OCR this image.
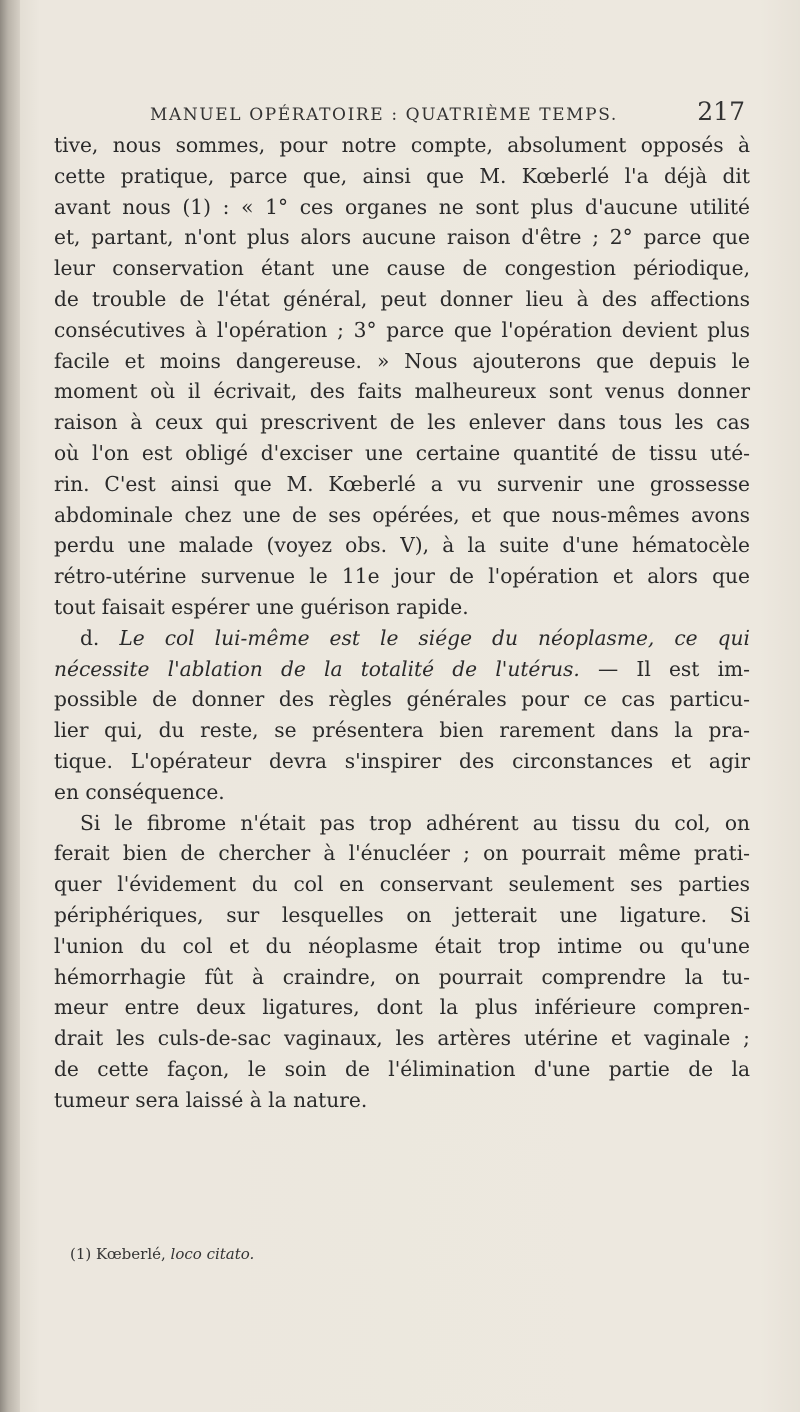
MANUEL OPÉRATOIRE : QUATRIÈME TEMPS.	217
tive, nous sommes, pour notre compte, absolument opposés à
cette pratique, parce que, ainsi que M. Kœberlé l'a déjà dit
avant nous (1) : « 1° ces organes ne sont plus d'aucune utilité
et, partant, n'ont plus alors aucune raison d'être ; 2° parce que
leur conservation étant une cause de congestion périodique,
de trouble de l'état général, peut donner lieu à des affections
consécutives à l'opération ; 3° parce que l'opération devient plus
facile et moins dangereuse. » Nous ajouterons que depuis le
moment où il écrivait, des faits malheureux sont venus donner
raison à ceux qui prescrivent de les enlever dans tous les cas
où l'on est obligé d'exciser une certaine quantité de tissu uté-
rin. C'est ainsi que M. Kœberlé a vu survenir une grossesse
abdominale chez une de ses opérées, et que nous-mêmes avons
perdu une malade (voyez obs. V), à la suite d'une hématocèle
rétro-utérine survenue le 11e jour de l'opération et alors que
tout faisait espérer une guérison rapide.
d. Le col lui-même est le siége du néoplasme, ce qui
nécessite l'ablation de la totalité de l'utérus. — Il est im-
possible de donner des règles générales pour ce cas particu-
lier qui, du reste, se présentera bien rarement dans la pra-
tique. L'opérateur devra s'inspirer des circonstances et agir
en conséquence.
Si le fibrome n'était pas trop adhérent au tissu du col, on
ferait bien de chercher à l'énucléer ; on pourrait même prati-
quer l'évidement du col en conservant seulement ses parties
périphériques, sur lesquelles on jetterait une ligature. Si
l'union du col et du néoplasme était trop intime ou qu'une
hémorrhagie fût à craindre, on pourrait comprendre la tu-
meur entre deux ligatures, dont la plus inférieure compren-
drait les culs-de-sac vaginaux, les artères utérine et vaginale ;
de cette façon, le soin de l'élimination d'une partie de la
tumeur sera laissé à la nature.
(1) Kœberlé, loco citato.
